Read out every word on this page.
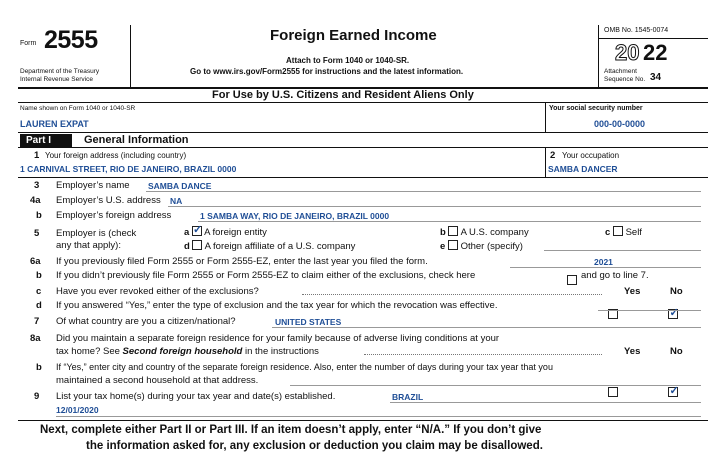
Form 2555
Department of the Treasury
Internal Revenue Service
Foreign Earned Income
Attach to Form 1040 or 1040-SR.
Go to www.irs.gov/Form2555 for instructions and the latest information.
OMB No. 1545-0074
20 22
Attachment
Sequence No. 34
For Use by U.S. Citizens and Resident Aliens Only
Name shown on Form 1040 or 1040-SR
LAUREN EXPAT
Your social security number
000-00-0000
Part I	General Information
1 Your foreign address (including country)
1 CARNIVAL STREET, RIO DE JANEIRO, BRAZIL 0000
2 Your occupation
SAMBA DANCER
3 Employer’s name SAMBA DANCE
4a Employer’s U.S. address NA
b Employer’s foreign address	1 SAMBA WAY, RIO DE JANEIRO, BRAZIL 0000
5 Employer is (check
any that apply):
a ✓ A foreign entity	b A U.S. company	c Self
d A foreign affiliate of a U.S. company	e Other (specify)
6a If you previously filed Form 2555 or Form 2555-EZ, enter the last year you filed the form.	2021
b If you didn’t previously file Form 2555 or Form 2555-EZ to claim either of the exclusions, check here	and go to line 7.
c Have you ever revoked either of the exclusions?
	Yes
✓	No
d If you answered “Yes,” enter the type of exclusion and the tax year for which the revocation was effective.
7 Of what country are you a citizen/national?	UNITED STATES
8a Did you maintain a separate foreign residence for your family because of adverse living conditions at your
tax home? See Second foreign household in the instructions
	Yes
✓	No
b If “Yes,” enter city and country of the separate foreign residence. Also, enter the number of days during your tax year that you
maintained a second household at that address.
9 List your tax home(s) during your tax year and date(s) established.	BRAZIL
12/01/2020
Next, complete either Part II or Part III. If an item doesn’t apply, enter “N/A.” If you don’t give
the information asked for, any exclusion or deduction you claim may be disallowed.
